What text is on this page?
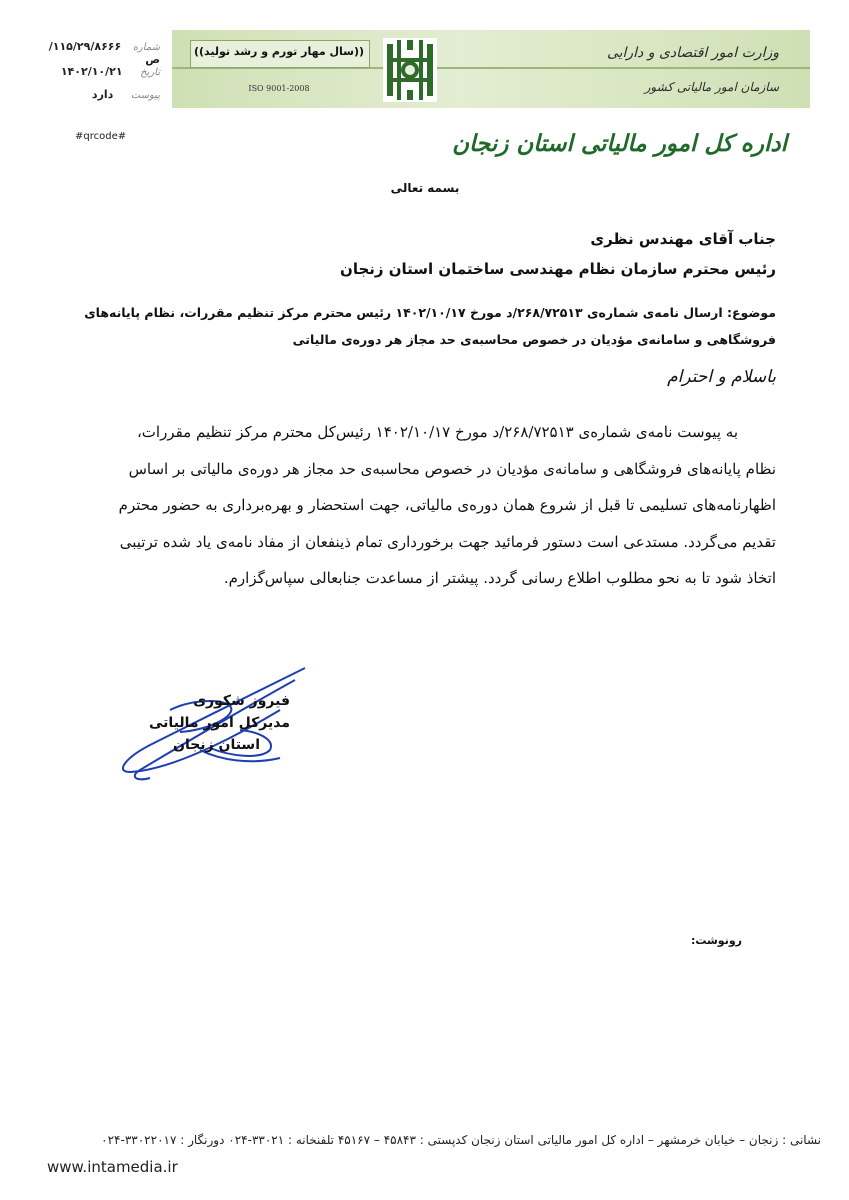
((سال مهار تورم و رشد تولید))
ISO 9001-2008
وزارت امور اقتصادی و دارایی
سازمان امور مالیاتی کشور
اداره کل امور مالیاتی استان زنجان
شماره ۱۱۵/۲۹/۸۶۶۶/ص
تاریخ ۱۴۰۲/۱۰/۲۱
پیوست دارد
#qrcode#
بسمه تعالی
جناب آقای مهندس نظری
رئیس محترم سازمان نظام مهندسی ساختمان استان زنجان
موضوع: ارسال نامه‌ی شماره‌ی ۲۶۸/۷۲۵۱۳/د مورخ ۱۴۰۲/۱۰/۱۷ رئیس محترم مرکز تنظیم مقررات، نظام پایانه‌های
فروشگاهی و سامانه‌ی مؤدیان در خصوص محاسبه‌ی حد مجاز هر دوره‌ی مالیاتی
باسلام و احترام
به پیوست نامه‌ی شماره‌ی ۲۶۸/۷۲۵۱۳/د مورخ ۱۴۰۲/۱۰/۱۷ رئیس‌کل محترم مرکز تنظیم مقررات،
نظام پایانه‌های فروشگاهی و سامانه‌ی مؤدیان در خصوص محاسبه‌ی حد مجاز هر دوره‌ی مالیاتی بر اساس
اظهارنامه‌های تسلیمی تا قبل از شروع همان دوره‌ی مالیاتی، جهت استحضار و بهره‌برداری به حضور محترم
تقدیم می‌گردد. مستدعی است دستور فرمائید جهت برخورداری تمام ذینفعان از مفاد نامه‌ی یاد شده ترتیبی
اتخاذ شود تا به نحو مطلوب اطلاع رسانی گردد. پیشتر از مساعدت جنابعالی سپاس‌گزارم.
فیروز شکوری
مدیرکل امور مالیاتی
استان زنجان
رونوشت:
نشانی : زنجان – خیابان خرمشهر – اداره کل امور مالیاتی استان زنجان کدپستی : ۴۵۸۴۳ – ۴۵۱۶۷ تلفنخانه : ۳۳۰۲۱-۰۲۴ دورنگار : ۳۳۰۲۲۰۱۷-۰۲۴
www.intamedia.ir
